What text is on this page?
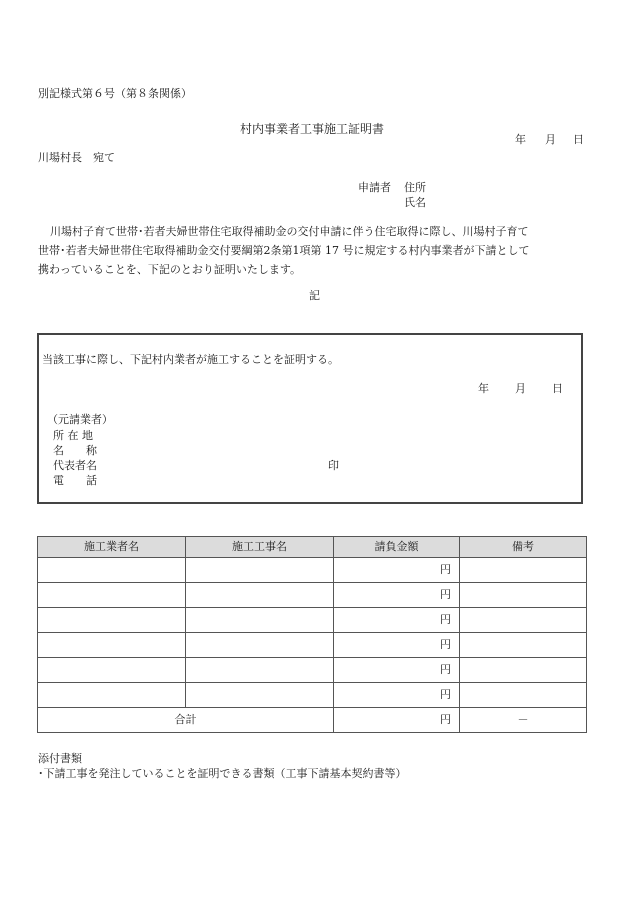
別記様式第６号（第８条関係）
村内事業者工事施工証明書
年 月 日
川場村長　宛て
申請者 住所
氏名

川場村子育て世帯･若者夫婦世帯住宅取得補助金の交付申請に伴う住宅取得に際し、川場村子育て

世帯･若者夫婦世帯住宅取得補助金交付要綱第2条第1項第 17 号に規定する村内事業者が下請として

携わっていることを、下記のとおり証明いたします。

記
当該工事に際し、下記村内業者が施工することを証明する。
年 月 日
（元請業者）
所 在 地
名　　称
代表者名	印
電　　話
施工業者名	施工工事名	請負金額	備考
		円	
		円	
		円	
		円	
		円	
		円	
合計		円	－
添付書類
･下請工事を発注していることを証明できる書類（工事下請基本契約書等）
